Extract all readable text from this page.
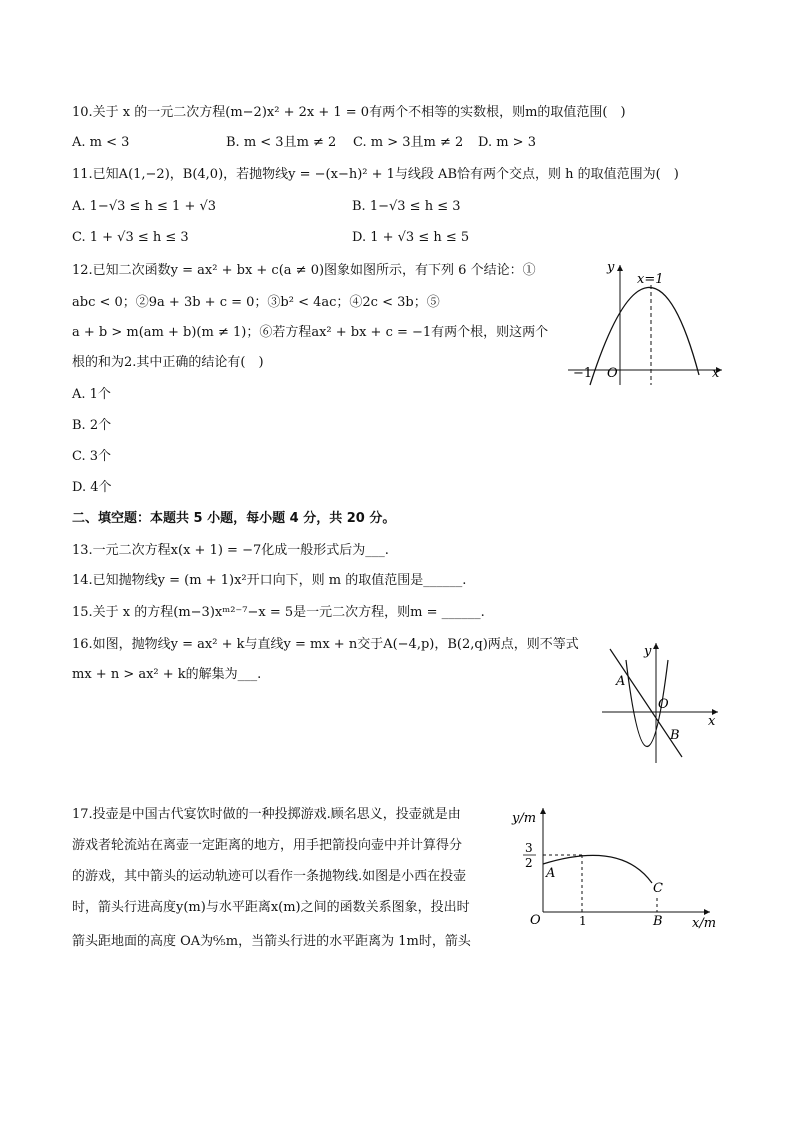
10.关于 x 的一元二次方程(m−2)x² + 2x + 1 = 0有两个不相等的实数根，则m的取值范围(　)
A. m < 3	B. m < 3且m ≠ 2 C. m > 3且m ≠ 2 D. m > 3
11.已知A(1,−2)，B(4,0)，若抛物线y = −(x−h)² + 1与线段 AB恰有两个交点，则 h 的取值范围为(　)
A. 1−√3 ≤ h ≤ 1 + √3	B. 1−√3 ≤ h ≤ 3
C. 1 + √3 ≤ h ≤ 3	D. 1 + √3 ≤ h ≤ 5
12.已知二次函数y = ax² + bx + c(a ≠ 0)图象如图所示，有下列 6 个结论：①
abc < 0；②9a + 3b + c = 0；③b² < 4ac；④2c < 3b；⑤
a + b > m(am + b)(m ≠ 1)；⑥若方程ax² + bx + c = −1有两个根，则这两个
根的和为2.其中正确的结论有(　)
A. 1个
B. 2个
C. 3个
D. 4个
y
x=1
−1 O	x
二、填空题：本题共 5 小题，每小题 4 分，共 20 分。
13.一元二次方程x(x + 1) = −7化成一般形式后为___.
14.已知抛物线y = (m + 1)x²开口向下，则 m 的取值范围是______.
15.关于 x 的方程(m−3)xᵐ²⁻⁷−x = 5是一元二次方程，则m = ______.
16.如图，抛物线y = ax² + k与直线y = mx + n交于A(−4,p)，B(2,q)两点，则不等式
mx + n > ax² + k的解集为___.
y
A
O
B
x
17.投壶是中国古代宴饮时做的一种投掷游戏.顾名思义，投壶就是由
游戏者轮流站在离壶一定距离的地方，用手把箭投向壶中并计算得分
的游戏，其中箭头的运动轨迹可以看作一条抛物线.如图是小西在投壶
时，箭头行进高度y(m)与水平距离x(m)之间的函数关系图象，投出时
箭头距地面的高度 OA为⁶⁄₅m，当箭头行进的水平距离为 1m时，箭头
y/m
3
2
A
C
O	1	B x/m
